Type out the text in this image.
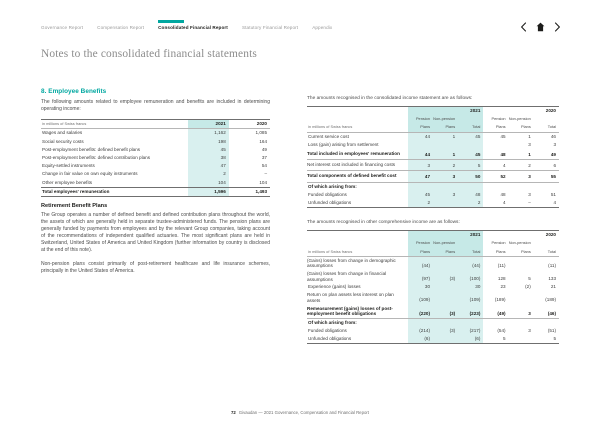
Governance Report	Compensation Report	Consolidated Financial Report	Statutory Financial Report	Appendix
Notes to the consolidated financial statements
8. Employee Benefits

The following amounts related to employee remuneration and benefits are included in determining operating income:

in millions of Swiss francs	2021	2020
Wages and salaries	1,162	1,085
Social security costs	198	164
Post-employment benefits: defined benefit plans	45	49
Post-employment benefits: defined contribution plans	38	37
Equity-settled instruments	47	54
Change in fair value on own equity instruments	2	–
Other employee benefits	104	104
Total employees' remuneration	1,596	1,493
Retirement Benefit Plans

The Group operates a number of defined benefit and defined contribution plans throughout the world, the assets of which are generally held in separate trustee-administered funds. The pension plans are generally funded by payments from employees and by the relevant Group companies, taking account of the recommendations of independent qualified actuaries. The most significant plans are held in Switzerland, United States of America and United Kingdom (further information by country is disclosed at the end of this note).

Non-pension plans consist primarily of post-retirement healthcare and life insurance schemes, principally in the United States of America.

The amounts recognised in the consolidated income statement are as follows:

	2021			2020		
in millions of Swiss francs	Pension Plans	Non-pension Plans	Total	Pension Plans	Non-pension Plans	Total
Current service cost	44	1	45	45	1	46
Loss (gain) arising from settlement					3	3
Total included in employees' remuneration	44	1	45	48	1	49
Net interest cost included in financing costs	3	2	5	4	2	6
Total components of defined benefit cost	47	3	50	52	3	55
Of which arising from:						
Funded obligations	45	3	48	48	3	51
Unfunded obligations	2		2	4	–	4

The amounts recognised in other comprehensive income are as follows:

	2021			2020		
in millions of Swiss francs	Pension Plans	Non-pension Plans	Total	Pension Plans	Non-pension Plans	Total
(Gains) losses from change in demographic assumptions	(44)		(44)	(11)		(11)
(Gains) losses from change in financial assumptions	(97)	(3)	(100)	128	5	133
Experience (gains) losses	30		30	23	(2)	21
Return on plan assets less interest on plan assets	(109)		(109)	(189)		(189)
Remeasurement (gains) losses of post-employment benefit obligations	(220)	(3)	(223)	(49)	3	(46)
Of which arising from:						
Funded obligations	(214)	(3)	(217)	(54)	3	(51)
Unfunded obligations	(6)		(6)	5		5
72 Givaudan — 2021 Governance, Compensation and Financial Report
